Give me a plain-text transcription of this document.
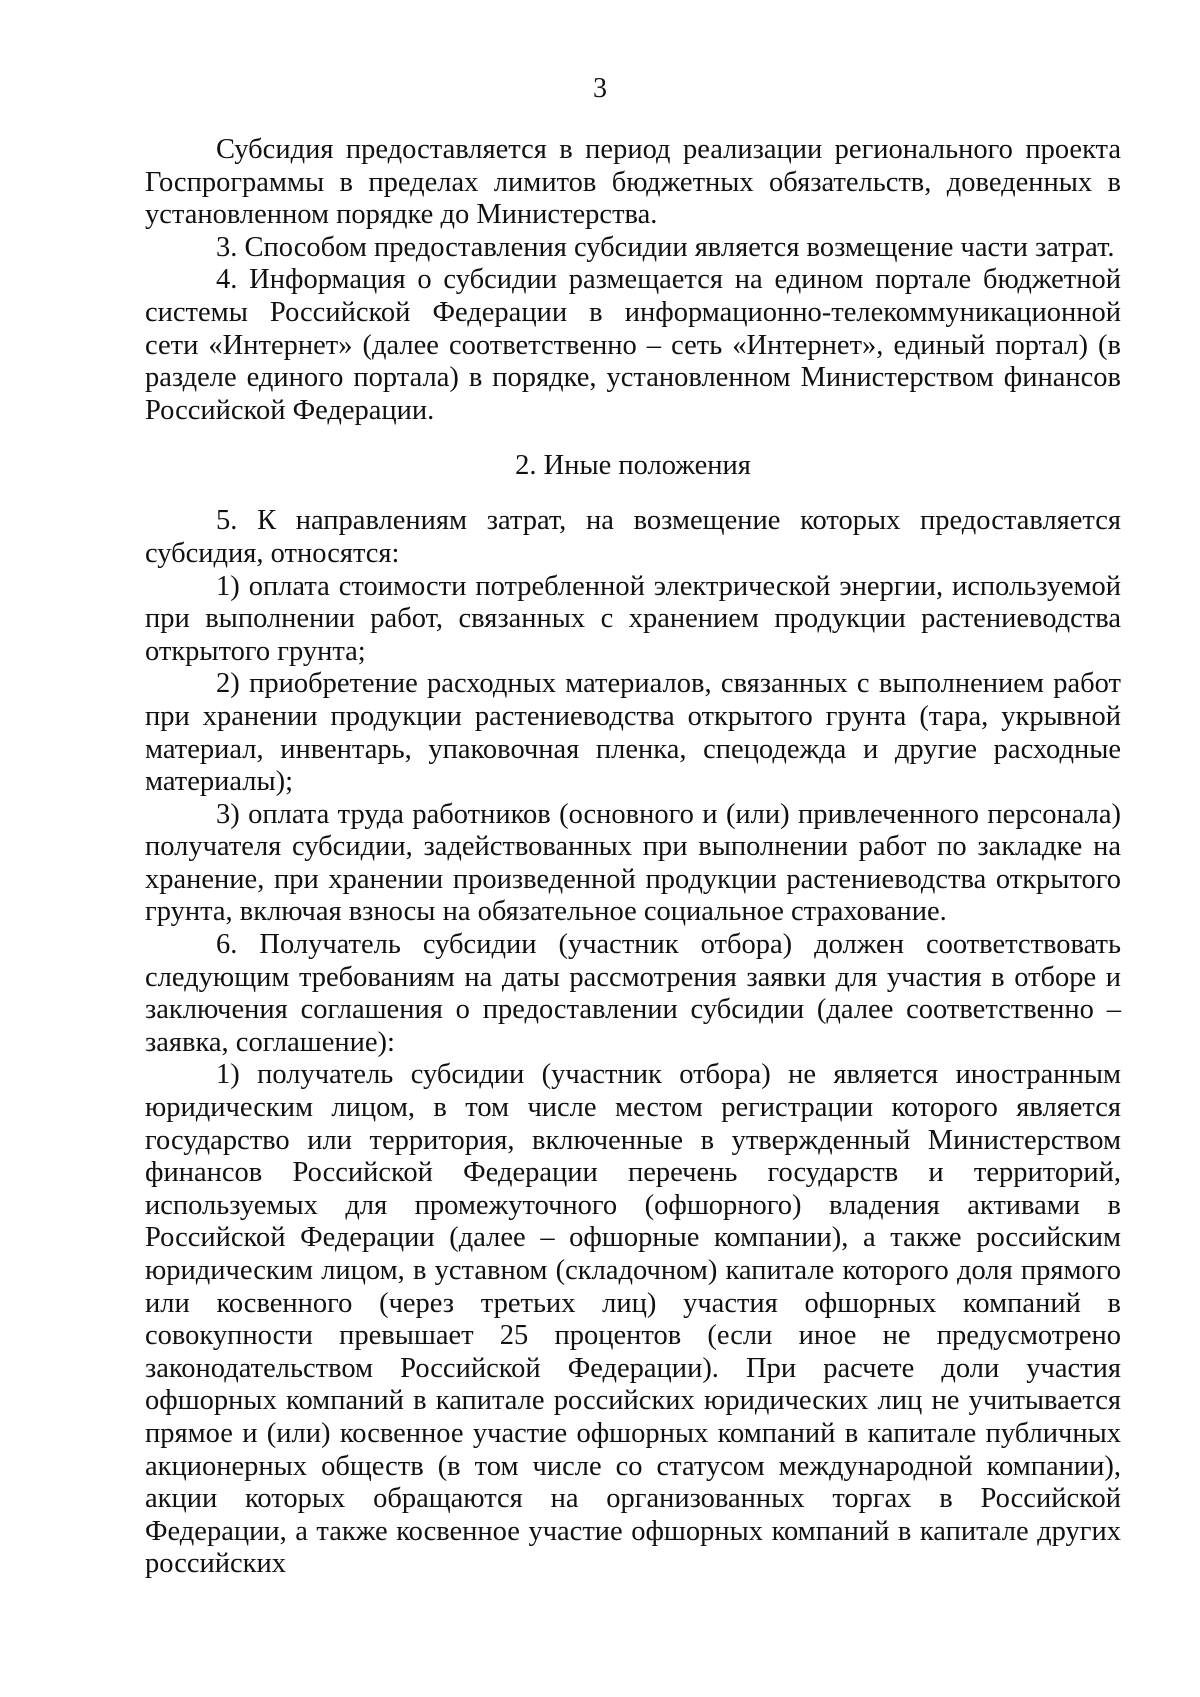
3

Субсидия предоставляется в период реализации регионального проекта Госпрограммы в пределах лимитов бюджетных обязательств, доведенных в установленном порядке до Министерства.

3. Способом предоставления субсидии является возмещение части затрат.

4. Информация о субсидии размещается на едином портале бюджетной системы Российской Федерации в информационно-телекоммуникационной сети «Интернет» (далее соответственно – сеть «Интернет», единый портал) (в разделе единого портала) в порядке, установленном Министерством финансов Российской Федерации.

2. Иные положения

5. К направлениям затрат, на возмещение которых предоставляется субсидия, относятся:

1) оплата стоимости потребленной электрической энергии, используемой при выполнении работ, связанных с хранением продукции растениеводства открытого грунта;

2) приобретение расходных материалов, связанных с выполнением работ при хранении продукции растениеводства открытого грунта (тара, укрывной материал, инвентарь, упаковочная пленка, спецодежда и другие расходные материалы);

3) оплата труда работников (основного и (или) привлеченного персонала) получателя субсидии, задействованных при выполнении работ по закладке на хранение, при хранении произведенной продукции растениеводства открытого грунта, включая взносы на обязательное социальное страхование.

6. Получатель субсидии (участник отбора) должен соответствовать следующим требованиям на даты рассмотрения заявки для участия в отборе и заключения соглашения о предоставлении субсидии (далее соответственно – заявка, соглашение):

1) получатель субсидии (участник отбора) не является иностранным юридическим лицом, в том числе местом регистрации которого является государство или территория, включенные в утвержденный Министерством финансов Российской Федерации перечень государств и территорий, используемых для промежуточного (офшорного) владения активами в Российской Федерации (далее – офшорные компании), а также российским юридическим лицом, в уставном (складочном) капитале которого доля прямого или косвенного (через третьих лиц) участия офшорных компаний в совокупности превышает 25 процентов (если иное не предусмотрено законодательством Российской Федерации). При расчете доли участия офшорных компаний в капитале российских юридических лиц не учитывается прямое и (или) косвенное участие офшорных компаний в капитале публичных акционерных обществ (в том числе со статусом международной компании), акции которых обращаются на организованных торгах в Российской Федерации, а также косвенное участие офшорных компаний в капитале других российских
